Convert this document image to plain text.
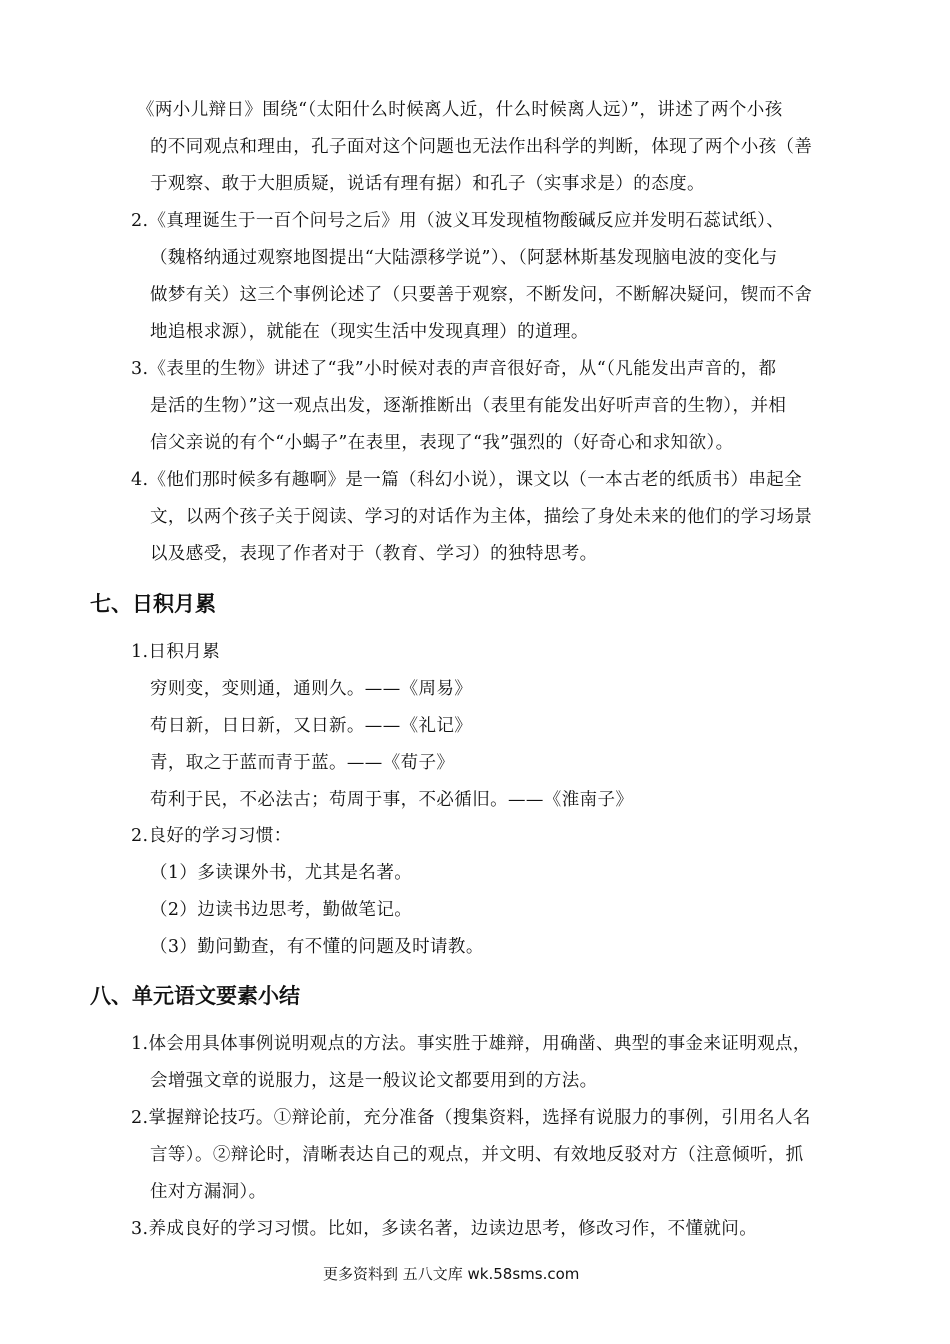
《两小儿辩日》围绕“（太阳什么时候离人近，什么时候离人远）”，讲述了两个小孩
的不同观点和理由，孔子面对这个问题也无法作出科学的判断，体现了两个小孩（善
于观察、敢于大胆质疑，说话有理有据）和孔子（实事求是）的态度。
2.《真理诞生于一百个问号之后》用（波义耳发现植物酸碱反应并发明石蕊试纸）、
（魏格纳通过观察地图提出“大陆漂移学说”）、（阿瑟林斯基发现脑电波的变化与
做梦有关）这三个事例论述了（只要善于观察，不断发问，不断解决疑问，锲而不舍
地追根求源），就能在（现实生活中发现真理）的道理。
3.《表里的生物》讲述了“我”小时候对表的声音很好奇，从“（凡能发出声音的，都
是活的生物）”这一观点出发，逐渐推断出（表里有能发出好听声音的生物），并相
信父亲说的有个“小蝎子”在表里，表现了“我”强烈的（好奇心和求知欲）。
4.《他们那时候多有趣啊》是一篇（科幻小说），课文以（一本古老的纸质书）串起全
文，以两个孩子关于阅读、学习的对话作为主体，描绘了身处未来的他们的学习场景
以及感受，表现了作者对于（教育、学习）的独特思考。
七、日积月累
1.日积月累
穷则变，变则通，通则久。——《周易》
苟日新，日日新，又日新。——《礼记》
青，取之于蓝而青于蓝。——《荀子》
苟利于民，不必法古；苟周于事，不必循旧。——《淮南子》
2.良好的学习习惯：
（1）多读课外书，尤其是名著。
（2）边读书边思考，勤做笔记。
（3）勤问勤查，有不懂的问题及时请教。
八、单元语文要素小结
1.体会用具体事例说明观点的方法。事实胜于雄辩，用确凿、典型的事金来证明观点，
会增强文章的说服力，这是一般议论文都要用到的方法。
2.掌握辩论技巧。①辩论前，充分准备（搜集资料，选择有说服力的事例，引用名人名
言等）。②辩论时，清晰表达自己的观点，并文明、有效地反驳对方（注意倾听，抓
住对方漏洞）。
3.养成良好的学习习惯。比如，多读名著，边读边思考，修改习作，不懂就问。
更多资料到 五八文库 wk.58sms.com
